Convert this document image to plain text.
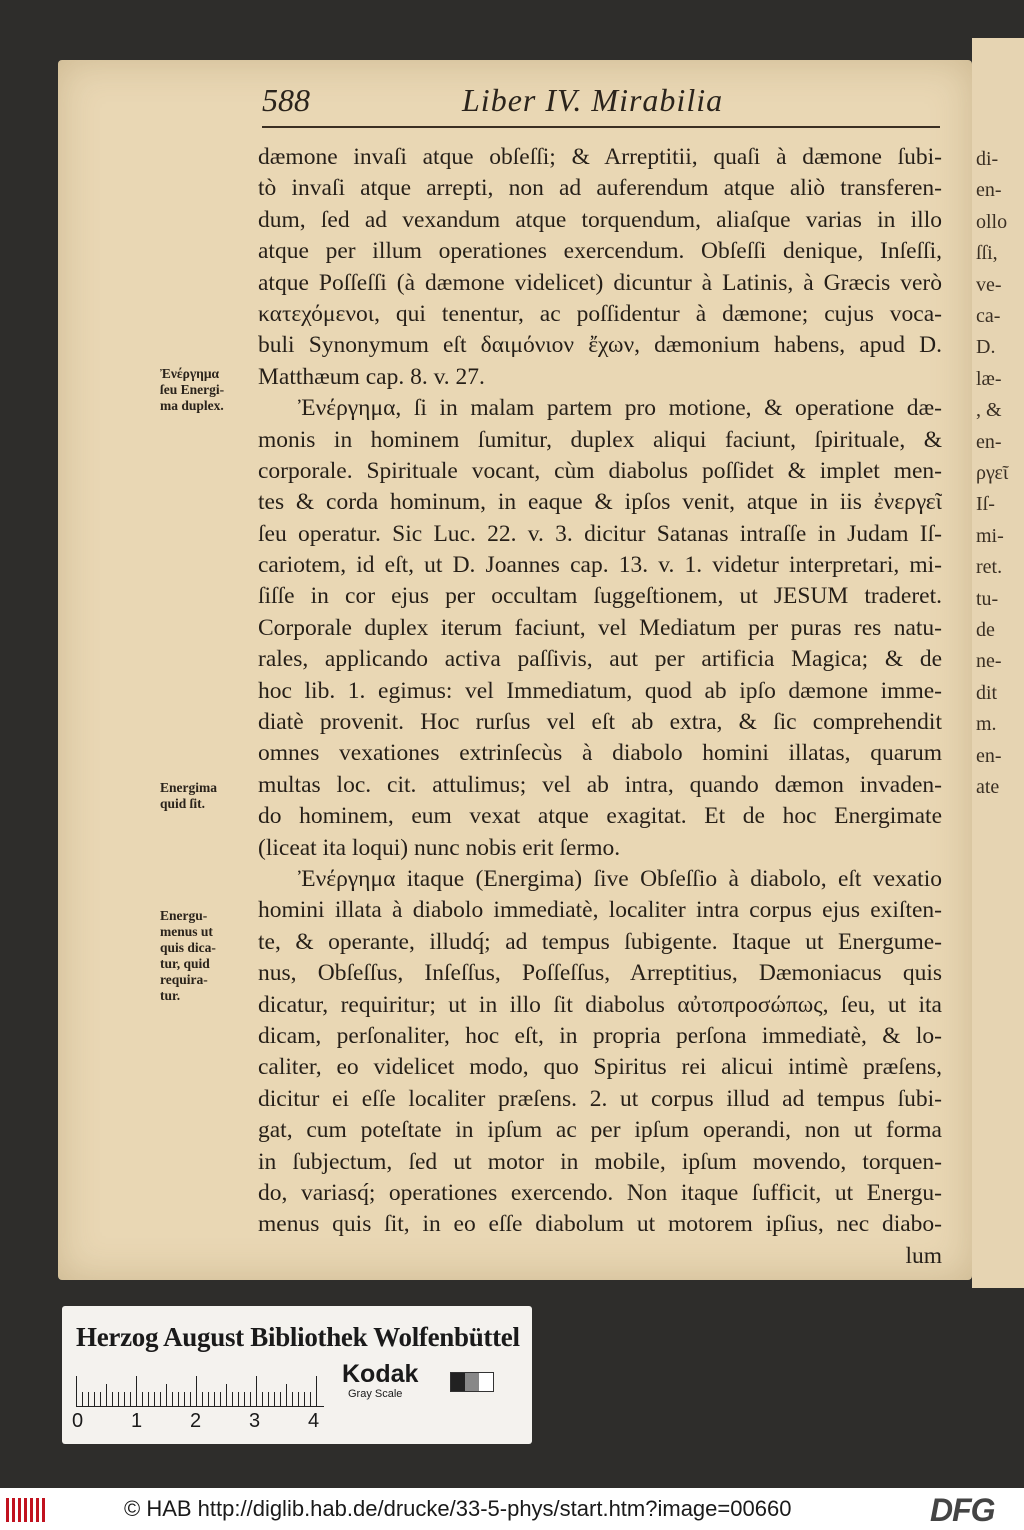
di-
en-
ollo
ſſi,
ve-
ca-
D.
læ-
, &
en-
ργεῖ
Iſ-
mi-
ret.
tu-
de
ne-
dit
m.
en-
ate
588	Liber IV. Mirabilia
dæmone invaſi atque obſeſſi; & Arreptitii, quaſi à dæmone ſubi-
tò invaſi atque arrepti, non ad auferendum atque aliò transferen-
dum, ſed ad vexandum atque torquendum, aliaſque varias in illo
atque per illum operationes exercendum. Obſeſſi denique, Inſeſſi,
atque Poſſeſſi (à dæmone videlicet) dicuntur à Latinis, à Græcis verò
κατεχόμενοι, qui tenentur, ac poſſidentur à dæmone; cujus voca-
buli Synonymum eſt δαιμόνιον ἔχων, dæmonium habens, apud D.
Matthæum cap. 8. v. 27.
Ἐνέργημα, ſi in malam partem pro motione, & operatione dæ-
monis in hominem ſumitur, duplex aliqui faciunt, ſpirituale, &
corporale. Spirituale vocant, cùm diabolus poſſidet & implet men-
tes & corda hominum, in eaque & ipſos venit, atque in iis ἐνεργεῖ
ſeu operatur. Sic Luc. 22. v. 3. dicitur Satanas intraſſe in Judam Iſ-
cariotem, id eſt, ut D. Joannes cap. 13. v. 1. videtur interpretari, mi-
ſiſſe in cor ejus per occultam ſuggeſtionem, ut JESUM traderet.
Corporale duplex iterum faciunt, vel Mediatum per puras res natu-
rales, applicando activa paſſivis, aut per artificia Magica; & de
hoc lib. 1. egimus: vel Immediatum, quod ab ipſo dæmone imme-
diatè provenit. Hoc rurſus vel eſt ab extra, & ſic comprehendit
omnes vexationes extrinſecùs à diabolo homini illatas, quarum
multas loc. cit. attulimus; vel ab intra, quando dæmon invaden-
do hominem, eum vexat atque exagitat. Et de hoc Energimate
(liceat ita loqui) nunc nobis erit ſermo.
Ἐνέργημα itaque (Energima) ſive Obſeſſio à diabolo, eſt vexatio
homini illata à diabolo immediatè, localiter intra corpus ejus exiſten-
te, & operante, illudq́; ad tempus ſubigente. Itaque ut Energume-
nus, Obſeſſus, Inſeſſus, Poſſeſſus, Arreptitius, Dæmoniacus quis
dicatur, requiritur; ut in illo ſit diabolus αὐτοπροσώπως, ſeu, ut ita
dicam, perſonaliter, hoc eſt, in propria perſona immediatè, & lo-
caliter, eo videlicet modo, quo Spiritus rei alicui intimè præſens,
dicitur ei eſſe localiter præſens. 2. ut corpus illud ad tempus ſubi-
gat, cum poteſtate in ipſum ac per ipſum operandi, non ut forma
in ſubjectum, ſed ut motor in mobile, ipſum movendo, torquen-
do, variasq́; operationes exercendo. Non itaque ſufficit, ut Energu-
menus quis ſit, in eo eſſe diabolum ut motorem ipſius, nec diabo-
lum
Ἐνέργημα
ſeu Energi-
ma duplex.
Energima
quid ſit.
Energu-
menus ut
quis dica-
tur, quid
requira-
tur.
Herzog August Bibliothek Wolfenbüttel
0 1 2 3 4
Kodak
Gray Scale
© HAB http://diglib.hab.de/drucke/33-5-phys/start.htm?image=00660	DFG
